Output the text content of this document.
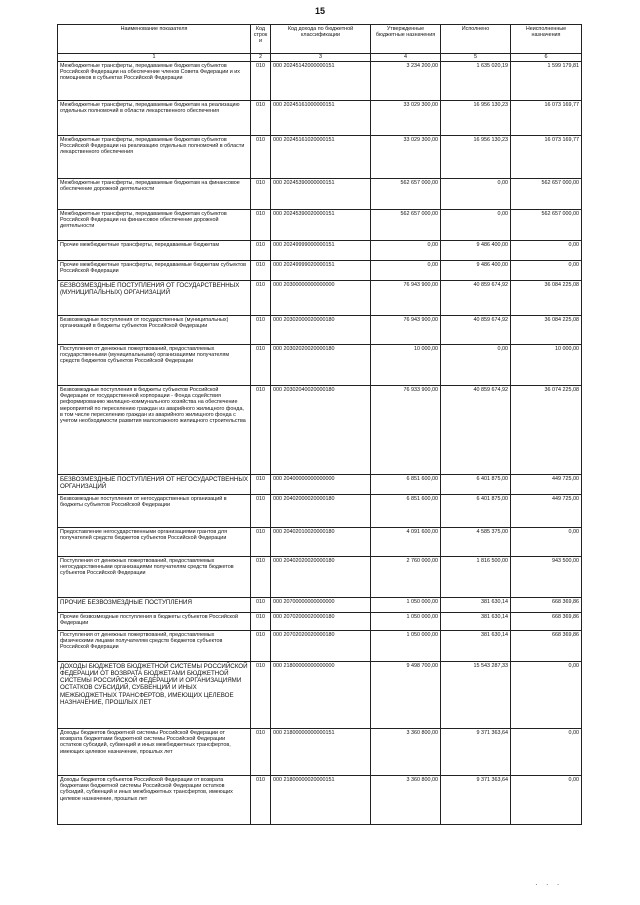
15
Наименование показателя	Код строки	Код дохода по бюджетной классификации	Утвержденные бюджетные назначения	Исполнено	Неисполненные назначения
1	2	3	4	5	6
Межбюджетные трансферты, передаваемые бюджетам субъектов Российской Федерации на обеспечение членов Совета Федерации и их помощников в субъектах Российской Федерации	010	000 20245142000000151	3 234 200,00	1 635 020,19	1 599 179,81
Межбюджетные трансферты, передаваемые бюджетам на реализацию отдельных полномочий в области лекарственного обеспечения	010	000 20245161000000151	33 029 300,00	16 956 130,23	16 073 169,77
Межбюджетные трансферты, передаваемые бюджетам субъектов Российской Федерации на реализацию отдельных полномочий в области лекарственного обеспечения	010	000 20245161020000151	33 029 300,00	16 956 130,23	16 073 169,77
Межбюджетные трансферты, передаваемые бюджетам на финансовое обеспечение дорожной деятельности	010	000 20245390000000151	562 657 000,00	0,00	562 657 000,00
Межбюджетные трансферты, передаваемые бюджетам субъектов Российской Федерации на финансовое обеспечение дорожной деятельности	010	000 20245390020000151	562 657 000,00	0,00	562 657 000,00
Прочие межбюджетные трансферты, передаваемые бюджетам	010	000 20249999000000151	0,00	9 486 400,00	0,00
Прочие межбюджетные трансферты, передаваемые бюджетам субъектов Российской Федерации	010	000 20249999020000151	0,00	9 486 400,00	0,00
БЕЗВОЗМЕЗДНЫЕ ПОСТУПЛЕНИЯ ОТ ГОСУДАРСТВЕННЫХ (МУНИЦИПАЛЬНЫХ) ОРГАНИЗАЦИЙ	010	000 20300000000000000	76 943 900,00	40 859 674,92	36 084 225,08
Безвозмездные поступления от государственных (муниципальных) организаций в бюджеты субъектов Российской Федерации	010	000 20302000020000180	76 943 900,00	40 859 674,92	36 084 225,08
Поступления от денежных пожертвований, предоставляемых государственными (муниципальными) организациями получателям средств бюджетов субъектов Российской Федерации	010	000 20302020020000180	10 000,00	0,00	10 000,00
Безвозмездные поступления в бюджеты субъектов Российской Федерации от государственной корпорации - Фонда содействия реформированию жилищно-коммунального хозяйства на обеспечение мероприятий по переселению граждан из аварийного жилищного фонда, в том числе переселению граждан из аварийного жилищного фонда с учетом необходимости развития малоэтажного жилищного строительства	010	000 20302040020000180	76 933 900,00	40 859 674,92	36 074 225,08
БЕЗВОЗМЕЗДНЫЕ ПОСТУПЛЕНИЯ ОТ НЕГОСУДАРСТВЕННЫХ ОРГАНИЗАЦИЙ	010	000 20400000000000000	6 851 600,00	6 401 875,00	449 725,00
Безвозмездные поступления от негосударственных организаций в бюджеты субъектов Российской Федерации	010	000 20402000020000180	6 851 600,00	6 401 875,00	449 725,00
Предоставление негосударственными организациями грантов для получателей средств бюджетов субъектов Российской Федерации	010	000 20402010020000180	4 091 600,00	4 585 375,00	0,00
Поступления от денежных пожертвований, предоставляемых негосударственными организациями получателям средств бюджетов субъектов Российской Федерации	010	000 20402020020000180	2 760 000,00	1 816 500,00	943 500,00
ПРОЧИЕ БЕЗВОЗМЕЗДНЫЕ ПОСТУПЛЕНИЯ	010	000 20700000000000000	1 050 000,00	381 630,14	668 369,86
Прочие безвозмездные поступления в бюджеты субъектов Российской Федерации	010	000 20702000020000180	1 050 000,00	381 630,14	668 369,86
Поступления от денежных пожертвований, предоставляемых физическими лицами получателям средств бюджетов субъектов Российской Федерации	010	000 20702020020000180	1 050 000,00	381 630,14	668 369,86
ДОХОДЫ БЮДЖЕТОВ БЮДЖЕТНОЙ СИСТЕМЫ РОССИЙСКОЙ ФЕДЕРАЦИИ ОТ ВОЗВРАТА БЮДЖЕТАМИ БЮДЖЕТНОЙ СИСТЕМЫ РОССИЙСКОЙ ФЕДЕРАЦИИ И ОРГАНИЗАЦИЯМИ ОСТАТКОВ СУБСИДИЙ, СУБВЕНЦИЙ И ИНЫХ МЕЖБЮДЖЕТНЫХ ТРАНСФЕРТОВ, ИМЕЮЩИХ ЦЕЛЕВОЕ НАЗНАЧЕНИЕ, ПРОШЛЫХ ЛЕТ	010	000 21800000000000000	9 498 700,00	15 543 287,33	0,00
Доходы бюджетов бюджетной системы Российской Федерации от возврата бюджетами бюджетной системы Российской Федерации остатков субсидий, субвенций и иных межбюджетных трансфертов, имеющих целевое назначение, прошлых лет	010	000 21800000000000151	3 360 800,00	9 371 363,64	0,00
Доходы бюджетов субъектов Российской Федерации от возврата бюджетами бюджетной системы Российской Федерации остатков субсидий, субвенций и иных межбюджетных трансфертов, имеющих целевое назначение, прошлых лет	010	000 21800000020000151	3 360 800,00	9 371 363,64	0,00
· · ·
